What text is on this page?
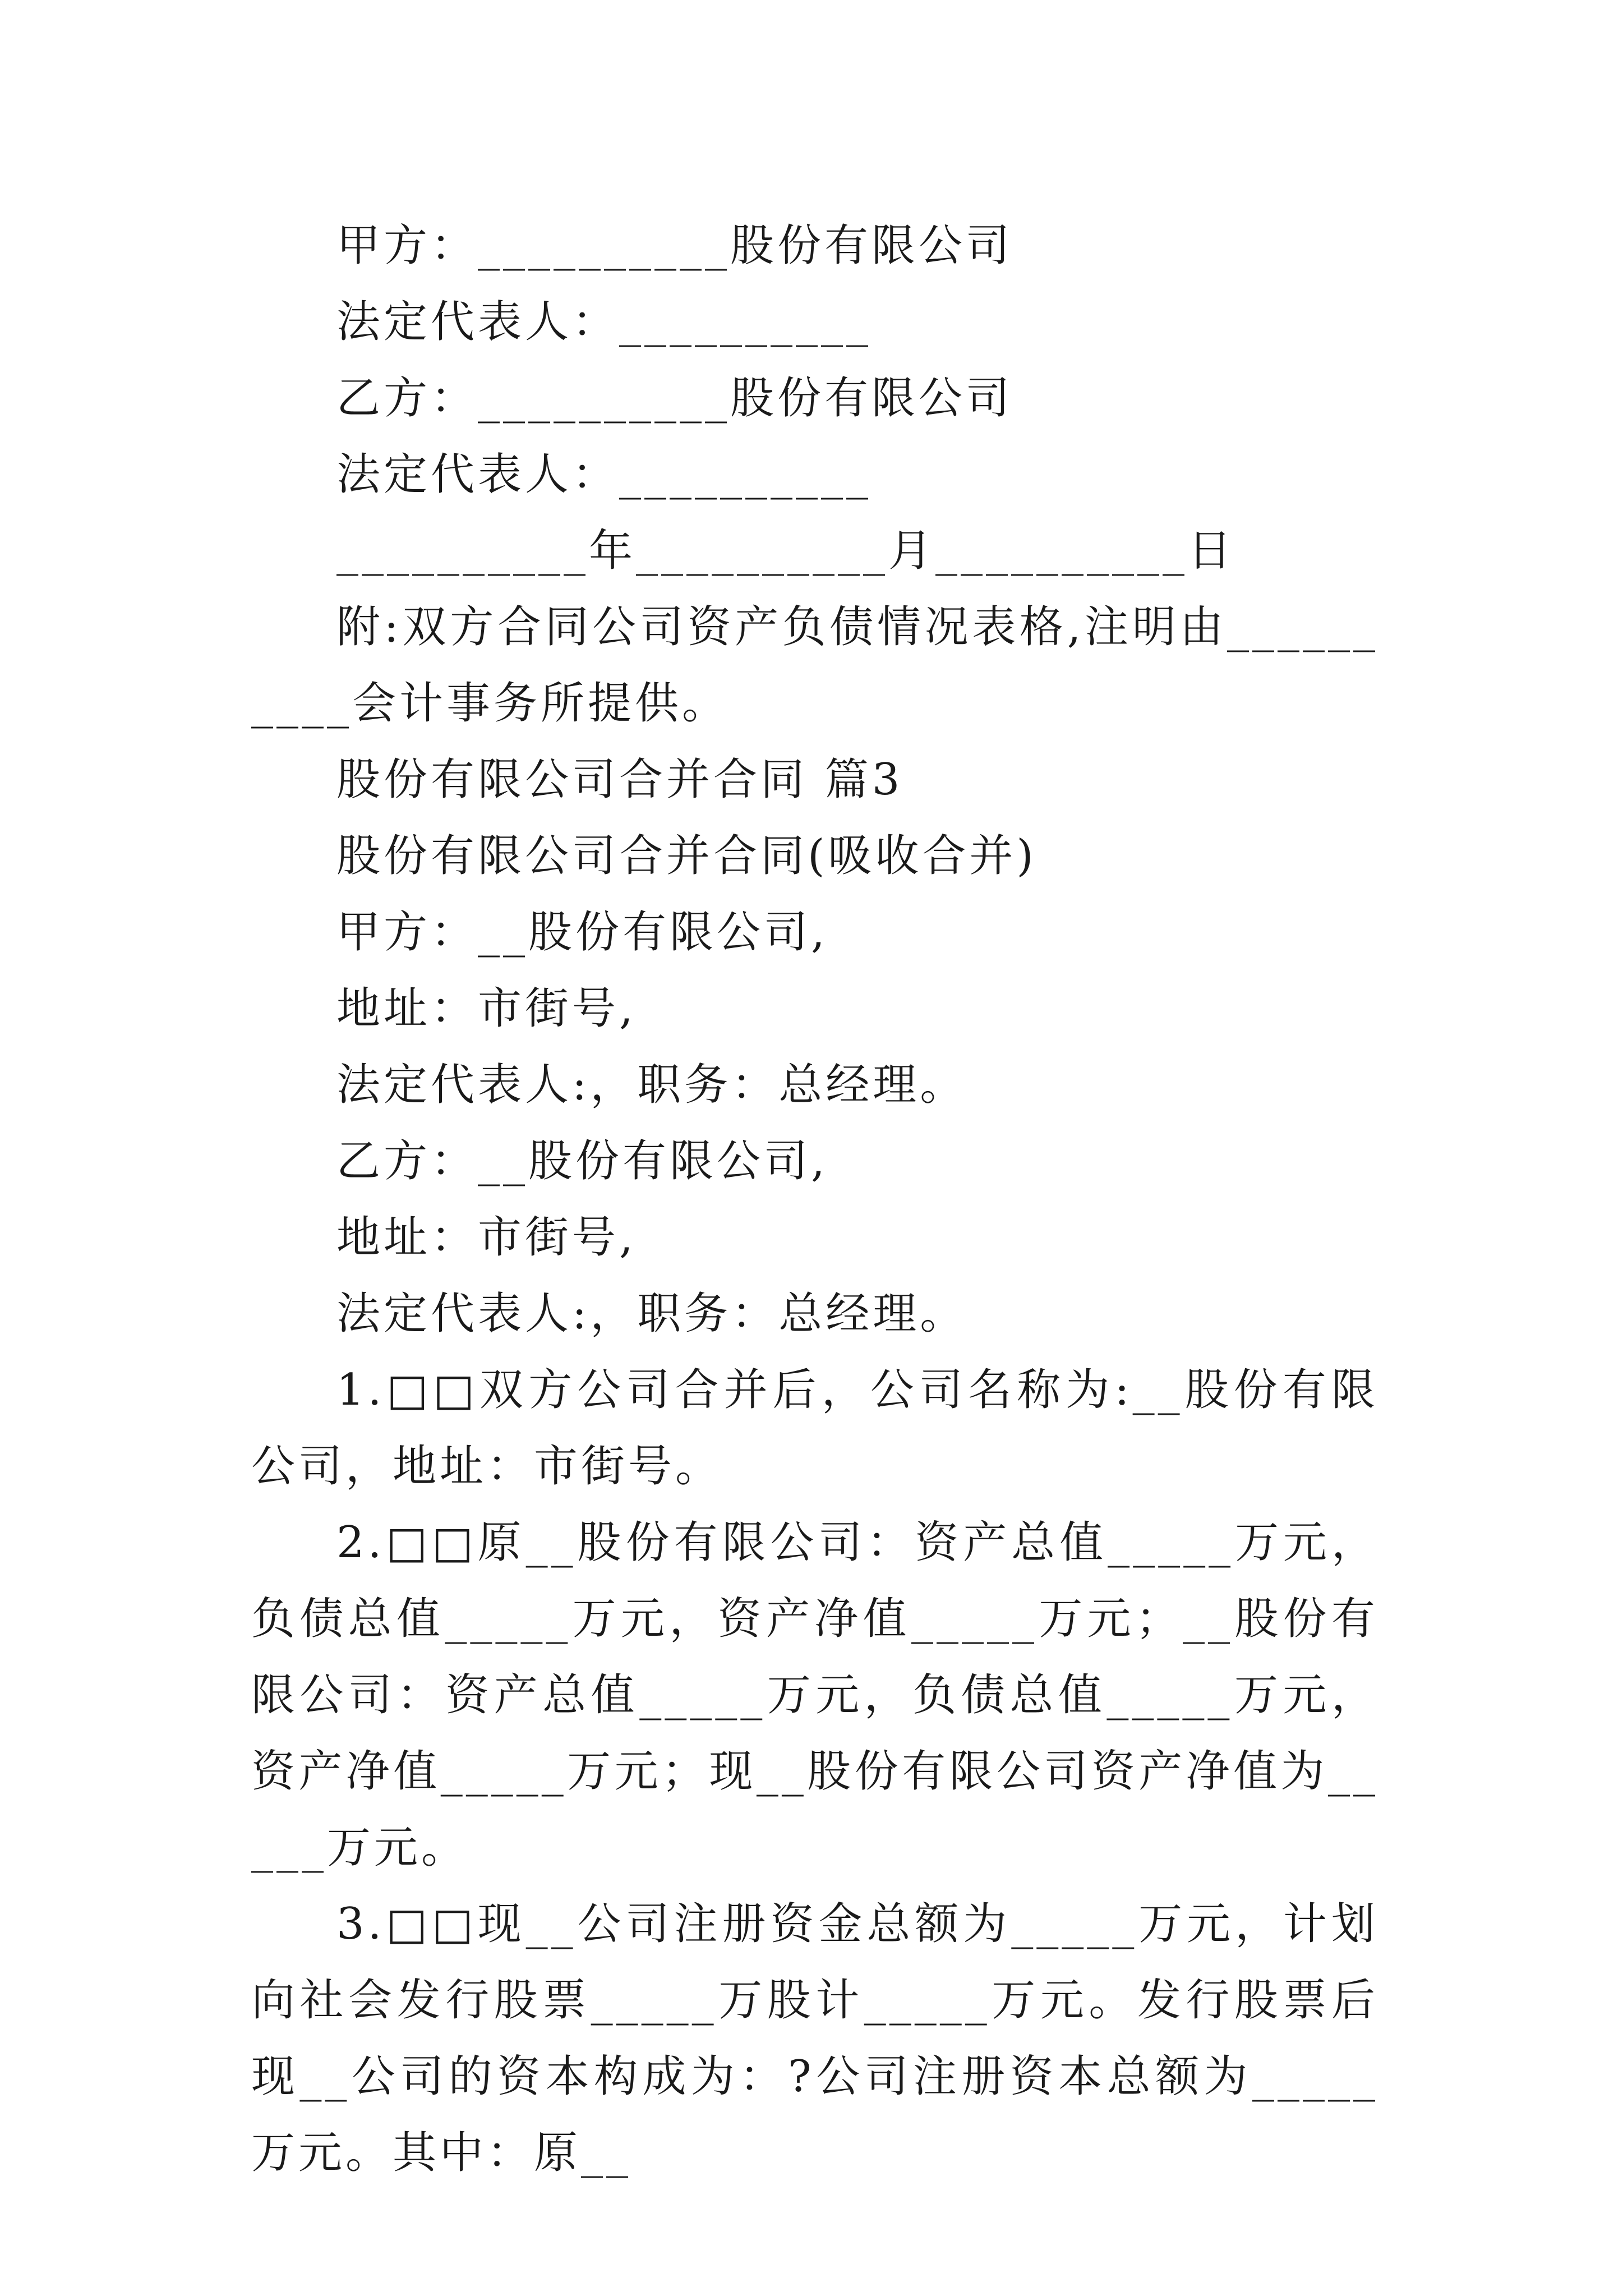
甲方：__________股份有限公司
法定代表人：__________
乙方：__________股份有限公司
法定代表人：__________
__________年__________月__________日
附:双方合同公司资产负债情况表格,注明由__________会计事务所提供。
股份有限公司合并合同 篇3
股份有限公司合并合同(吸收合并)
甲方：__股份有限公司,
地址：市街号,
法定代表人:，职务：总经理。
乙方：__股份有限公司,
地址：市街号,
法定代表人:，职务：总经理。
1.□□双方公司合并后，公司名称为:__股份有限公司，地址：市街号。
2.□□原__股份有限公司：资产总值_____万元，负债总值_____万元，资产净值_____万元；__股份有限公司：资产总值_____万元，负债总值_____万元，资产净值_____万元；现__股份有限公司资产净值为_____万元。
3.□□现__公司注册资金总额为_____万元，计划向社会发行股票_____万股计_____万元。发行股票后现__公司的资本构成为：?公司注册资本总额为_____万元。其中：原__
